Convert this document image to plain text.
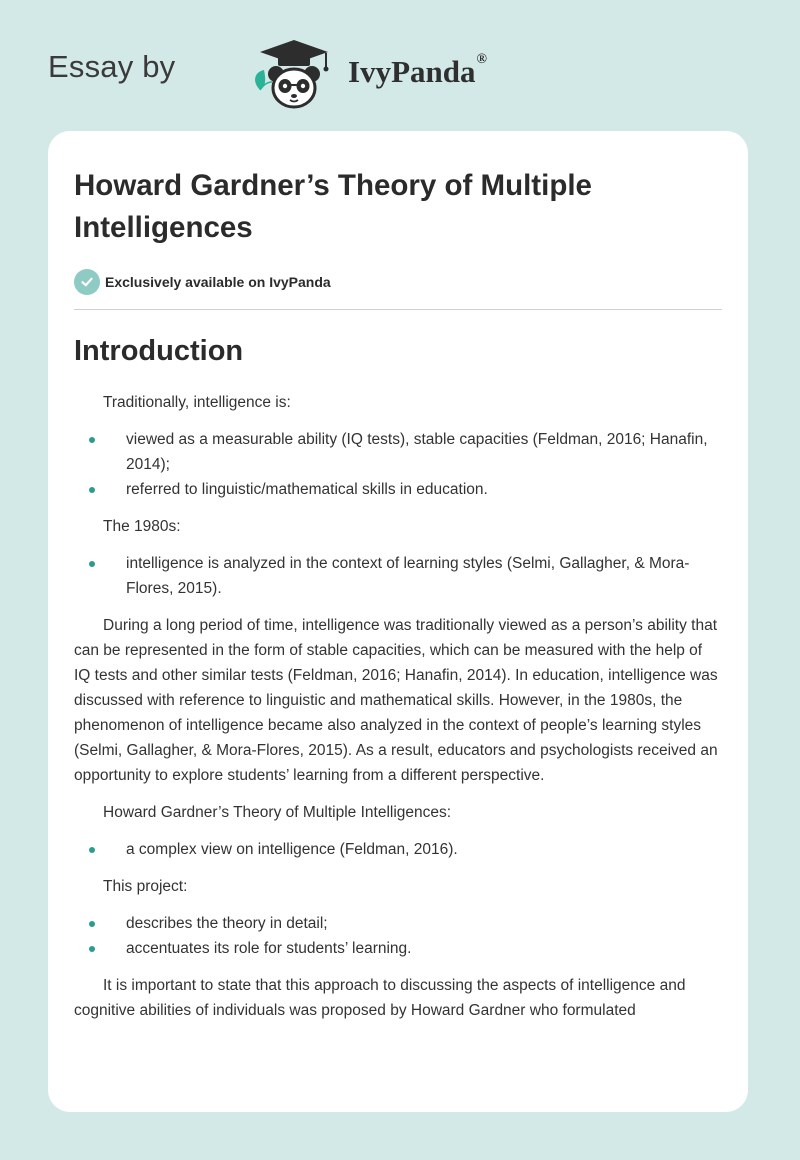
Essay by	IvyPanda®
Howard Gardner’s Theory of Multiple Intelligences
Exclusively available on IvyPanda
Introduction

Traditionally, intelligence is:

viewed as a measurable ability (IQ tests), stable capacities (Feldman, 2016; Hanafin, 2014);
referred to linguistic/mathematical skills in education.

The 1980s:

intelligence is analyzed in the context of learning styles (Selmi, Gallagher, & Mora-Flores, 2015).

During a long period of time, intelligence was traditionally viewed as a person’s ability that can be represented in the form of stable capacities, which can be measured with the help of IQ tests and other similar tests (Feldman, 2016; Hanafin, 2014). In education, intelligence was discussed with reference to linguistic and mathematical skills. However, in the 1980s, the phenomenon of intelligence became also analyzed in the context of people’s learning styles (Selmi, Gallagher, & Mora-Flores, 2015). As a result, educators and psychologists received an opportunity to explore students’ learning from a different perspective.

Howard Gardner’s Theory of Multiple Intelligences:

a complex view on intelligence (Feldman, 2016).

This project:

describes the theory in detail;
accentuates its role for students’ learning.

It is important to state that this approach to discussing the aspects of intelligence and cognitive abilities of individuals was proposed by Howard Gardner who formulated
